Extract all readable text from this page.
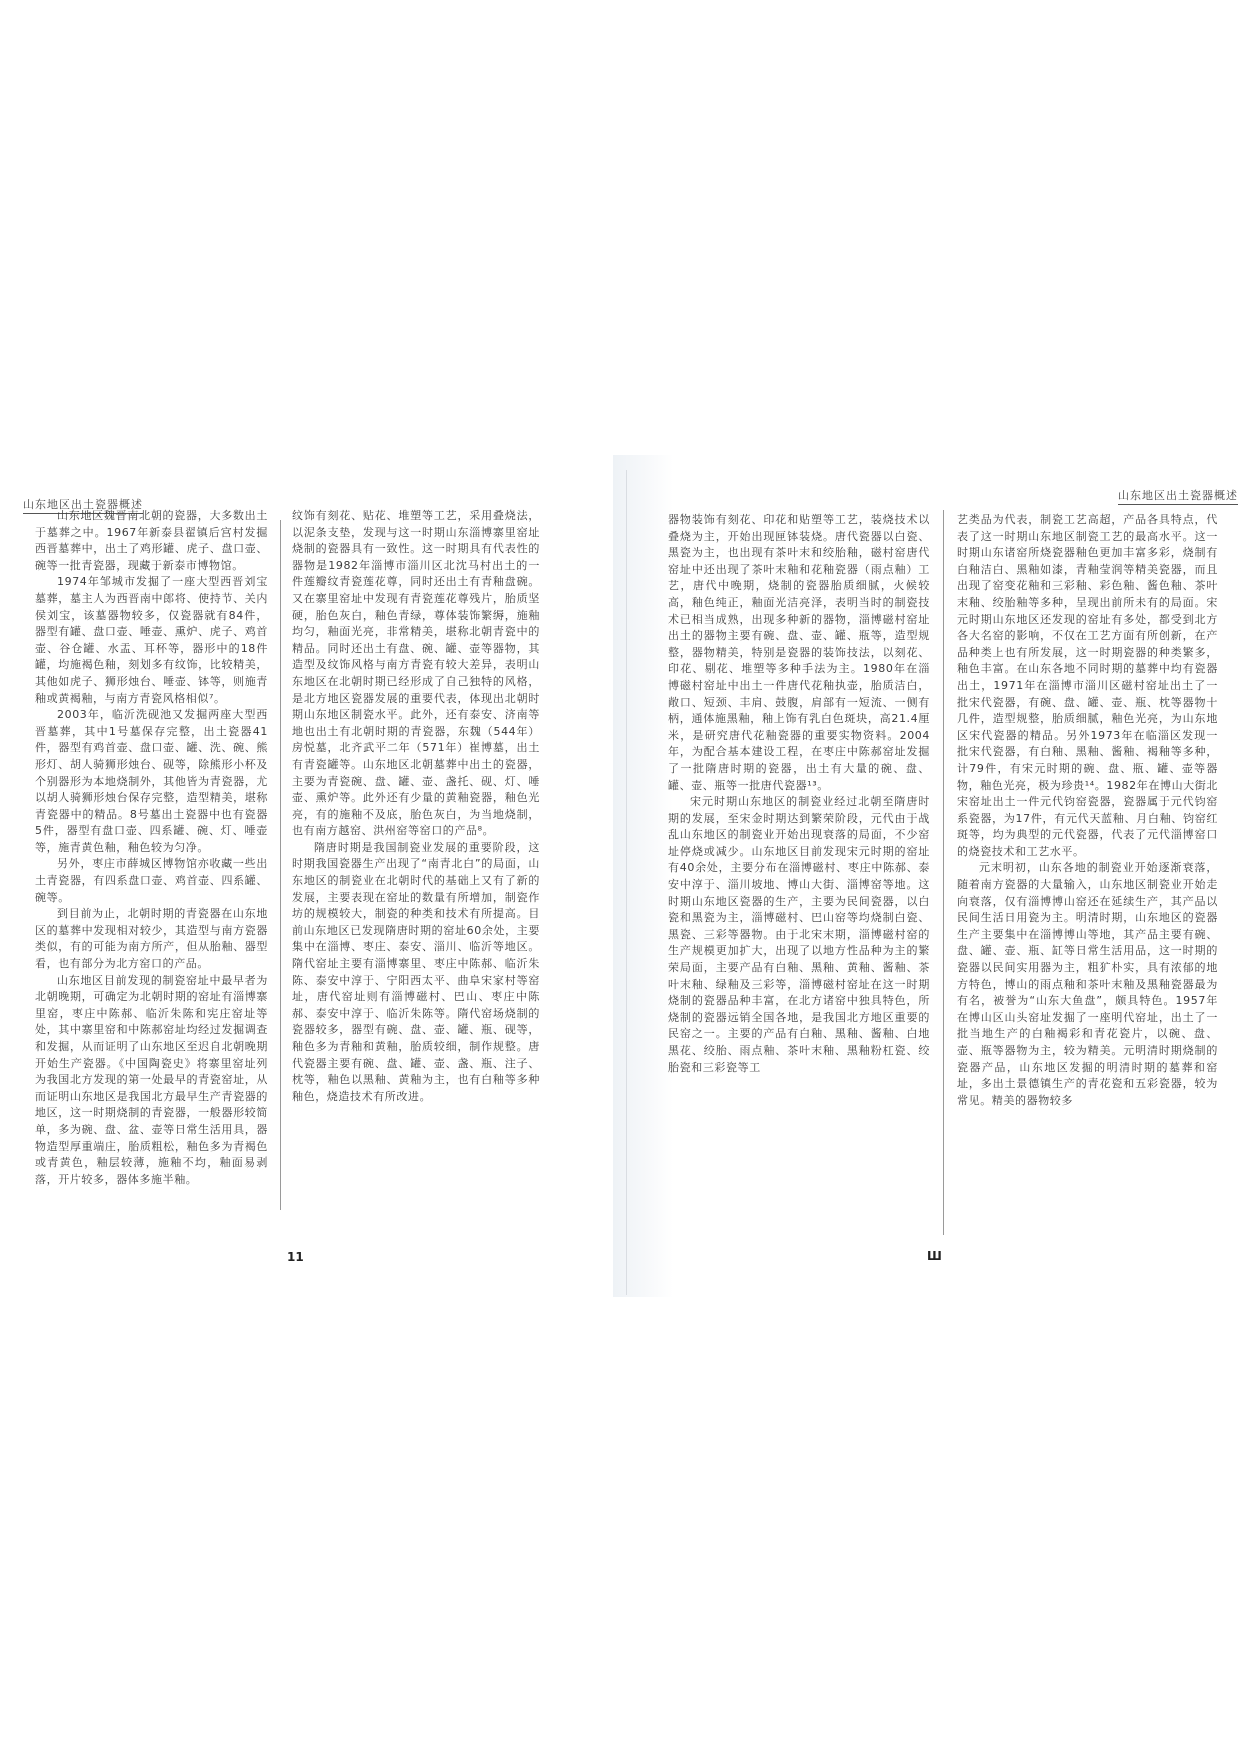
山东地区出土瓷器概述
山东地区出土瓷器概述

山东地区魏晋南北朝的瓷器，大多数出土于墓葬之中。1967年新泰县翟镇后宫村发掘西晋墓葬中，出土了鸡形罐、虎子、盘口壶、碗等一批青瓷器，现藏于新泰市博物馆。

1974年邹城市发掘了一座大型西晋刘宝墓葬，墓主人为西晋南中郎将、使持节、关内侯刘宝，该墓器物较多，仅瓷器就有84件，器型有罐、盘口壶、唾壶、熏炉、虎子、鸡首壶、谷仓罐、水盂、耳杯等，器形中的18件罐，均施褐色釉，刻划多有纹饰，比较精美，其他如虎子、狮形烛台、唾壶、钵等，则施青釉或黄褐釉，与南方青瓷风格相似⁷。

2003年，临沂洗砚池又发掘两座大型西晋墓葬，其中1号墓保存完整，出土瓷器41件，器型有鸡首壶、盘口壶、罐、洗、碗、熊形灯、胡人骑狮形烛台、砚等，除熊形小杯及个别器形为本地烧制外，其他皆为青瓷器，尤以胡人骑狮形烛台保存完整，造型精美，堪称青瓷器中的精品。8号墓出土瓷器中也有瓷器5件，器型有盘口壶、四系罐、碗、灯、唾壶等，施青黄色釉，釉色较为匀净。

另外，枣庄市薛城区博物馆亦收藏一些出土青瓷器，有四系盘口壶、鸡首壶、四系罐、碗等。

到目前为止，北朝时期的青瓷器在山东地区的墓葬中发现相对较少，其造型与南方瓷器类似，有的可能为南方所产，但从胎釉、器型看，也有部分为北方窑口的产品。

山东地区目前发现的制瓷窑址中最早者为北朝晚期，可确定为北朝时期的窑址有淄博寨里窑，枣庄中陈郝、临沂朱陈和宪庄窑址等处，其中寨里窑和中陈郝窑址均经过发掘调查和发掘，从而证明了山东地区至迟自北朝晚期开始生产瓷器。《中国陶瓷史》将寨里窑址列为我国北方发现的第一处最早的青瓷窑址，从而证明山东地区是我国北方最早生产青瓷器的地区，这一时期烧制的青瓷器，一般器形较简单，多为碗、盘、盆、壶等日常生活用具，器物造型厚重端庄，胎质粗松，釉色多为青褐色或青黄色，釉层较薄，施釉不均，釉面易剥落，开片较多，器体多施半釉。

纹饰有刻花、贴花、堆塑等工艺，采用叠烧法，以泥条支垫，发现与这一时期山东淄博寨里窑址烧制的瓷器具有一致性。这一时期具有代表性的器物是1982年淄博市淄川区北沈马村出土的一件莲瓣纹青瓷莲花尊，同时还出土有青釉盘碗。又在寨里窑址中发现有青瓷莲花尊残片，胎质坚硬，胎色灰白，釉色青绿，尊体装饰繁缛，施釉均匀，釉面光亮，非常精美，堪称北朝青瓷中的精品。同时还出土有盘、碗、罐、壶等器物，其造型及纹饰风格与南方青瓷有较大差异，表明山东地区在北朝时期已经形成了自己独特的风格，是北方地区瓷器发展的重要代表，体现出北朝时期山东地区制瓷水平。此外，还有泰安、济南等地也出土有北朝时期的青瓷器，东魏（544年）房悦墓，北齐武平二年（571年）崔博墓，出土有青瓷罐等。山东地区北朝墓葬中出土的瓷器，主要为青瓷碗、盘、罐、壶、盏托、砚、灯、唾壶、熏炉等。此外还有少量的黄釉瓷器，釉色光亮，有的施釉不及底，胎色灰白，为当地烧制，也有南方越窑、洪州窑等窑口的产品⁸。

隋唐时期是我国制瓷业发展的重要阶段，这时期我国瓷器生产出现了“南青北白”的局面，山东地区的制瓷业在北朝时代的基础上又有了新的发展，主要表现在窑址的数量有所增加，制瓷作坊的规模较大，制瓷的种类和技术有所提高。目前山东地区已发现隋唐时期的窑址60余处，主要集中在淄博、枣庄、泰安、淄川、临沂等地区。隋代窑址主要有淄博寨里、枣庄中陈郝、临沂朱陈、泰安中淳于、宁阳西太平、曲阜宋家村等窑址，唐代窑址则有淄博磁村、巴山、枣庄中陈郝、泰安中淳于、临沂朱陈等。隋代窑场烧制的瓷器较多，器型有碗、盘、壶、罐、瓶、砚等，釉色多为青釉和黄釉，胎质较细，制作规整。唐代瓷器主要有碗、盘、罐、壶、盏、瓶、注子、枕等，釉色以黑釉、黄釉为主，也有白釉等多种釉色，烧造技术有所改进。

器物装饰有刻花、印花和贴塑等工艺，装烧技术以叠烧为主，开始出现匣钵装烧。唐代瓷器以白瓷、黑瓷为主，也出现有茶叶末和绞胎釉，磁村窑唐代窑址中还出现了茶叶末釉和花釉瓷器（雨点釉）工艺，唐代中晚期，烧制的瓷器胎质细腻，火候较高，釉色纯正，釉面光洁亮泽，表明当时的制瓷技术已相当成熟，出现多种新的器物，淄博磁村窑址出土的器物主要有碗、盘、壶、罐、瓶等，造型规整，器物精美，特别是瓷器的装饰技法，以刻花、印花、剔花、堆塑等多种手法为主。1980年在淄博磁村窑址中出土一件唐代花釉执壶，胎质洁白，敞口、短颈、丰肩、鼓腹，肩部有一短流、一侧有柄，通体施黑釉，釉上饰有乳白色斑块，高21.4厘米，是研究唐代花釉瓷器的重要实物资料。2004年，为配合基本建设工程，在枣庄中陈郝窑址发掘了一批隋唐时期的瓷器，出土有大量的碗、盘、罐、壶、瓶等一批唐代瓷器¹³。

宋元时期山东地区的制瓷业经过北朝至隋唐时期的发展，至宋金时期达到繁荣阶段，元代由于战乱山东地区的制瓷业开始出现衰落的局面，不少窑址停烧或减少。山东地区目前发现宋元时期的窑址有40余处，主要分布在淄博磁村、枣庄中陈郝、泰安中淳于、淄川坡地、博山大街、淄博窑等地。这时期山东地区瓷器的生产，主要为民间瓷器，以白瓷和黑瓷为主，淄博磁村、巴山窑等均烧制白瓷、黑瓷、三彩等器物。由于北宋末期，淄博磁村窑的生产规模更加扩大，出现了以地方性品种为主的繁荣局面，主要产品有白釉、黑釉、黄釉、酱釉、茶叶末釉、绿釉及三彩等，淄博磁村窑址在这一时期烧制的瓷器品种丰富，在北方诸窑中独具特色，所烧制的瓷器远销全国各地，是我国北方地区重要的民窑之一。主要的产品有白釉、黑釉、酱釉、白地黑花、绞胎、雨点釉、茶叶末釉、黑釉粉杠瓷、绞胎瓷和三彩瓷等工

艺类品为代表，制瓷工艺高超，产品各具特点，代表了这一时期山东地区制瓷工艺的最高水平。这一时期山东诸窑所烧瓷器釉色更加丰富多彩，烧制有白釉洁白、黑釉如漆，青釉莹润等精美瓷器，而且出现了窑变花釉和三彩釉、彩色釉、酱色釉、茶叶末釉、绞胎釉等多种，呈现出前所未有的局面。宋元时期山东地区还发现的窑址有多处，都受到北方各大名窑的影响，不仅在工艺方面有所创新，在产品种类上也有所发展，这一时期瓷器的种类繁多，釉色丰富。在山东各地不同时期的墓葬中均有瓷器出土，1971年在淄博市淄川区磁村窑址出土了一批宋代瓷器，有碗、盘、罐、壶、瓶、枕等器物十几件，造型规整，胎质细腻，釉色光亮，为山东地区宋代瓷器的精品。另外1973年在临淄区发现一批宋代瓷器，有白釉、黑釉、酱釉、褐釉等多种，计79件，有宋元时期的碗、盘、瓶、罐、壶等器物，釉色光亮，极为珍贵¹⁴。1982年在博山大街北宋窑址出土一件元代钧窑瓷器，瓷器属于元代钧窑系瓷器，为17件，有元代天蓝釉、月白釉、钧窑红斑等，均为典型的元代瓷器，代表了元代淄博窑口的烧瓷技术和工艺水平。

元末明初，山东各地的制瓷业开始逐渐衰落，随着南方瓷器的大量输入，山东地区制瓷业开始走向衰落，仅有淄博博山窑还在延续生产，其产品以民间生活日用瓷为主。明清时期，山东地区的瓷器生产主要集中在淄博博山等地，其产品主要有碗、盘、罐、壶、瓶、缸等日常生活用品，这一时期的瓷器以民间实用器为主，粗犷朴实，具有浓郁的地方特色，博山的雨点釉和茶叶末釉及黑釉瓷器最为有名，被誉为“山东大鱼盘”，颇具特色。1957年在博山区山头窑址发掘了一座明代窑址，出土了一批当地生产的白釉褐彩和青花瓷片，以碗、盘、壶、瓶等器物为主，较为精美。元明清时期烧制的瓷器产品，山东地区发掘的明清时期的墓葬和窑址，多出土景德镇生产的青花瓷和五彩瓷器，较为常见。精美的器物较多

11	Ш
